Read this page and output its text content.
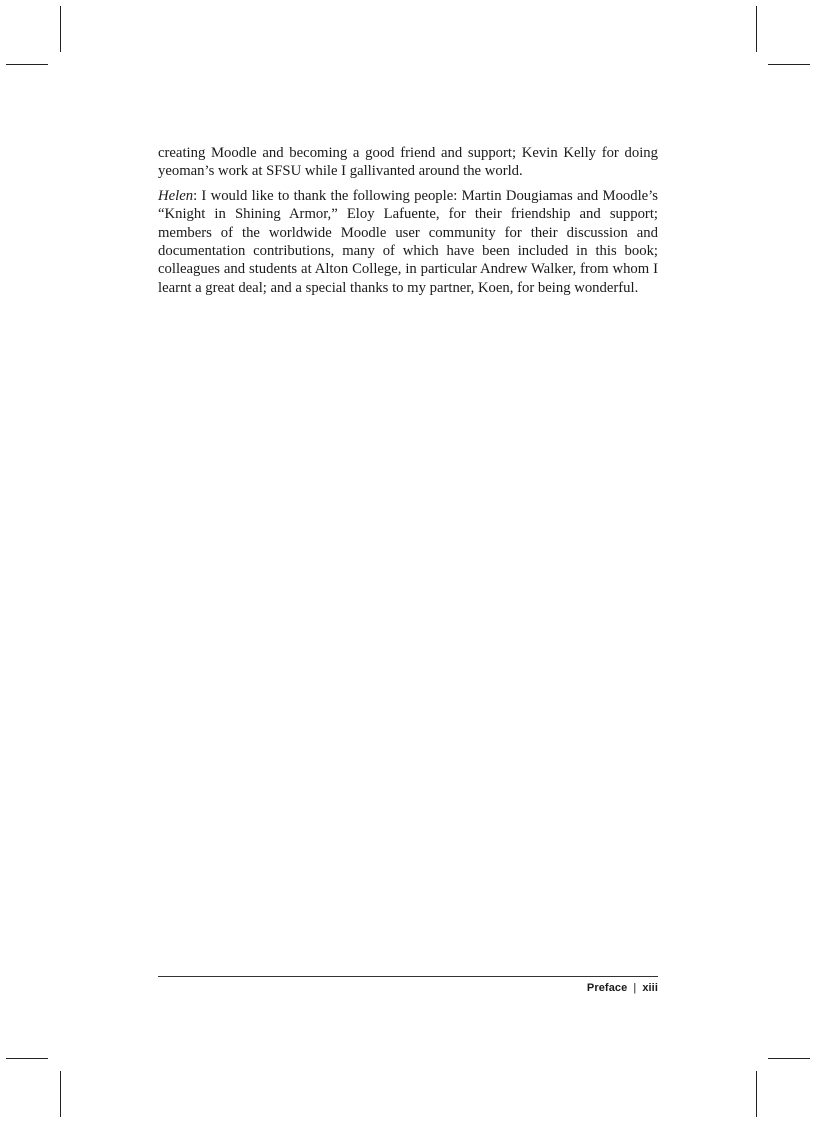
creating Moodle and becoming a good friend and support; Kevin Kelly for doing yeoman’s work at SFSU while I gallivanted around the world.

Helen: I would like to thank the following people: Martin Dougiamas and Moodle’s “Knight in Shining Armor,” Eloy Lafuente, for their friendship and support; members of the worldwide Moodle user community for their discussion and documentation contributions, many of which have been included in this book; colleagues and students at Alton College, in particular Andrew Walker, from whom I learnt a great deal; and a special thanks to my partner, Koen, for being wonderful.

Preface | xiii
